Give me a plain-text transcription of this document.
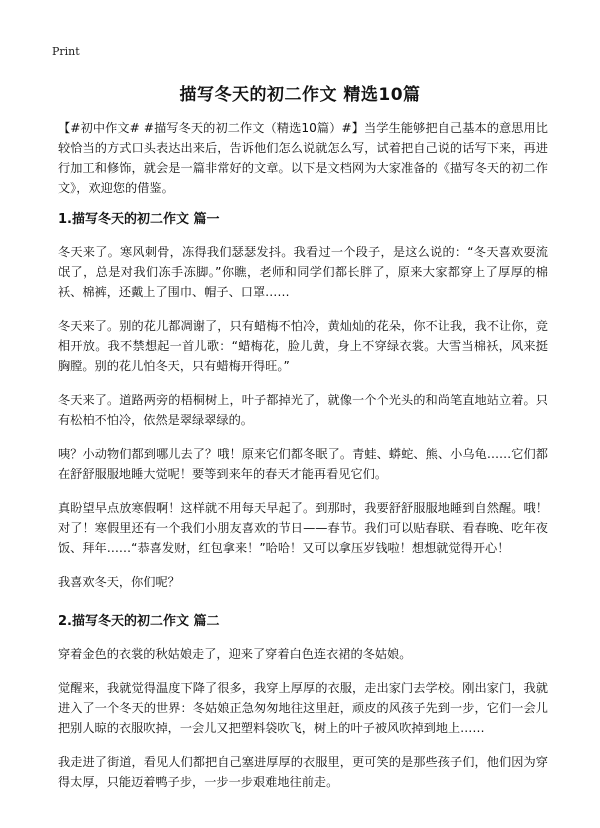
Print
描写冬天的初二作文 精选10篇

【#初中作文# #描写冬天的初二作文（精选10篇）#】当学生能够把自己基本的意思用比较恰当的方式口头表达出来后，告诉他们怎么说就怎么写，试着把自己说的话写下来，再进行加工和修饰，就会是一篇非常好的文章。以下是文档网为大家准备的《描写冬天的初二作文》，欢迎您的借鉴。

1.描写冬天的初二作文 篇一

冬天来了。寒风刺骨，冻得我们瑟瑟发抖。我看过一个段子，是这么说的：“冬天喜欢耍流氓了，总是对我们冻手冻脚。”你瞧，老师和同学们都长胖了，原来大家都穿上了厚厚的棉袄、棉裤，还戴上了围巾、帽子、口罩……

冬天来了。别的花儿都凋谢了，只有蜡梅不怕冷，黄灿灿的花朵，你不让我，我不让你，竞相开放。我不禁想起一首儿歌：“蜡梅花，脸儿黄，身上不穿绿衣裳。大雪当棉袄，风来挺胸膛。别的花儿怕冬天，只有蜡梅开得旺。”

冬天来了。道路两旁的梧桐树上，叶子都掉光了，就像一个个光头的和尚笔直地站立着。只有松柏不怕冷，依然是翠绿翠绿的。

咦？小动物们都到哪儿去了？哦！原来它们都冬眠了。青蛙、蟒蛇、熊、小乌龟……它们都在舒舒服服地睡大觉呢！要等到来年的春天才能再看见它们。

真盼望早点放寒假啊！这样就不用每天早起了。到那时，我要舒舒服服地睡到自然醒。哦！对了！寒假里还有一个我们小朋友喜欢的节日——春节。我们可以贴春联、看春晚、吃年夜饭、拜年……“恭喜发财，红包拿来！”哈哈！又可以拿压岁钱啦！想想就觉得开心！

我喜欢冬天，你们呢？

2.描写冬天的初二作文 篇二

穿着金色的衣裳的秋姑娘走了，迎来了穿着白色连衣裙的冬姑娘。

觉醒来，我就觉得温度下降了很多，我穿上厚厚的衣服，走出家门去学校。刚出家门，我就进入了一个冬天的世界：冬姑娘正急匆匆地往这里赶，顽皮的风孩子先到一步，它们一会儿把别人晾的衣服吹掉，一会儿又把塑料袋吹飞，树上的叶子被风吹掉到地上……

我走进了街道，看见人们都把自己塞进厚厚的衣服里，更可笑的是那些孩子们，他们因为穿得太厚，只能迈着鸭子步，一步一步艰难地往前走。
